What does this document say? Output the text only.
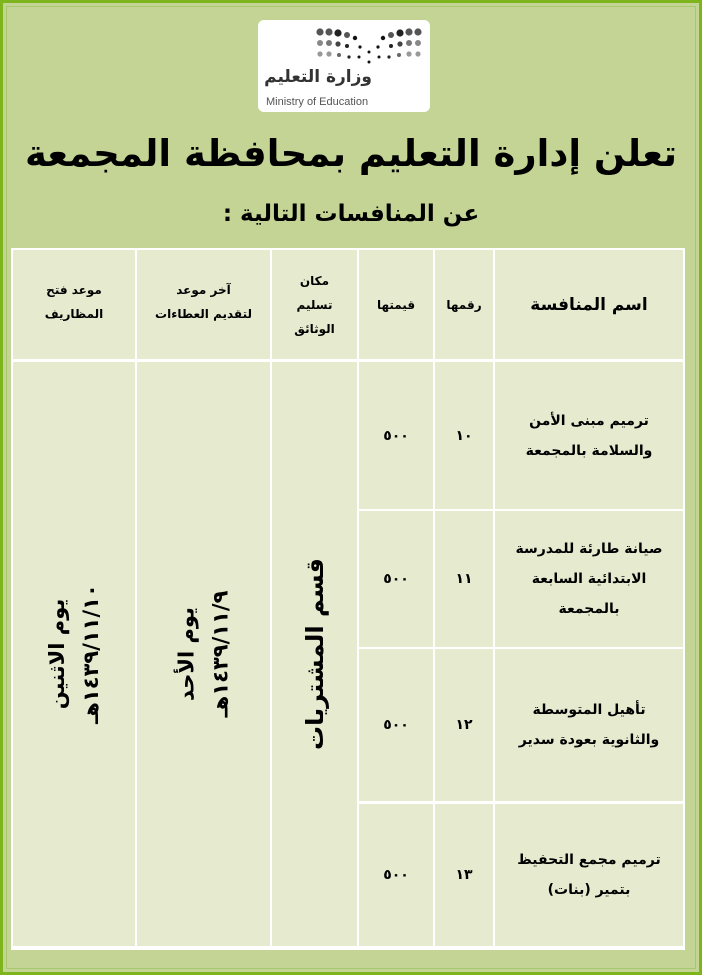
وزارة التعليم
Ministry of Education
تعلن إدارة التعليم بمحافظة المجمعة
عن المنافسات التالية :
اسم المنافسة
رقمها
قيمتها
مكان
تسليم
الوثائق
آخر موعد
لتقديم العطاءات
موعد فتح
المظاريف
ترميم مبنى الأمن
والسلامة بالمجمعة
١٠
٥٠٠
صيانة طارئة للمدرسة
الابتدائية السابعة
بالمجمعة
١١
٥٠٠
تأهيل المتوسطة
والثانوية بعودة سدير
١٢
٥٠٠
ترميم مجمع التحفيظ
بتمير (بنات)
١٣
٥٠٠
قسم المشتريات
يوم الأحد
١٤٣٩/١١/٩هـ
يوم الاثنين
١٤٣٩/١١/١٠هـ
